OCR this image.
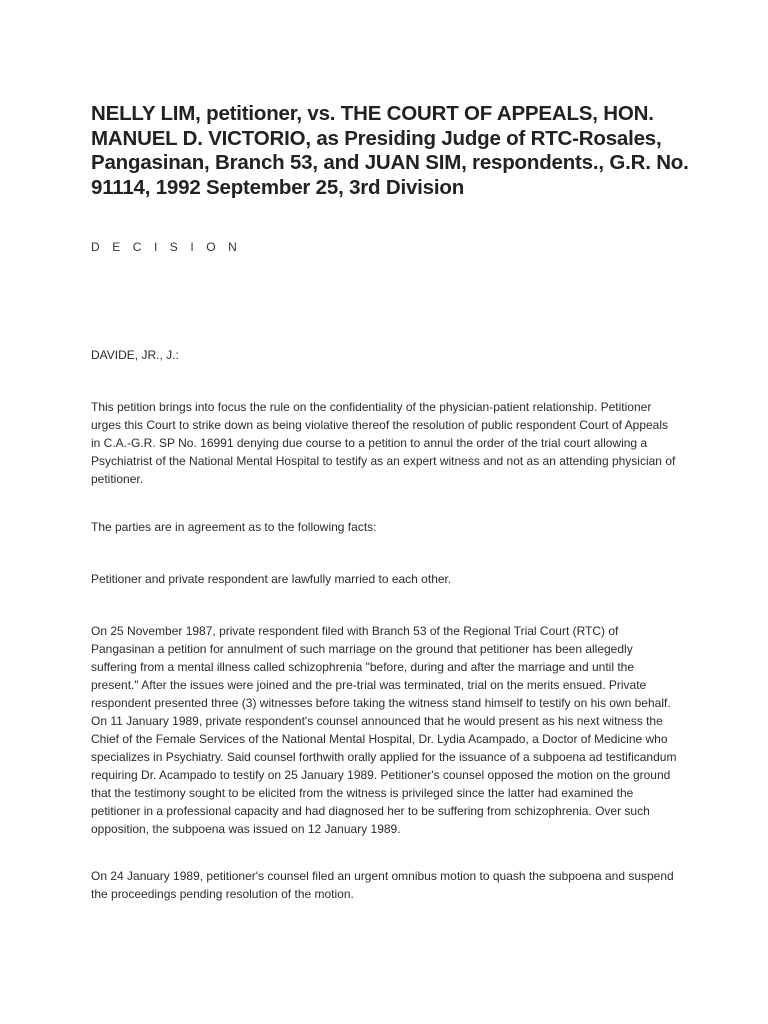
NELLY LIM, petitioner, vs. THE COURT OF APPEALS, HON. MANUEL D. VICTORIO, as Presiding Judge of RTC-Rosales, Pangasinan, Branch 53, and JUAN SIM, respondents., G.R. No. 91114, 1992 September 25, 3rd Division

D E C I S I O N

DAVIDE, JR., J.:

This petition brings into focus the rule on the confidentiality of the physician-patient relationship. Petitioner urges this Court to strike down as being violative thereof the resolution of public respondent Court of Appeals in C.A.-G.R. SP No. 16991 denying due course to a petition to annul the order of the trial court allowing a Psychiatrist of the National Mental Hospital to testify as an expert witness and not as an attending physician of petitioner.

The parties are in agreement as to the following facts:

Petitioner and private respondent are lawfully married to each other.

On 25 November 1987, private respondent filed with Branch 53 of the Regional Trial Court (RTC) of Pangasinan a petition for annulment of such marriage on the ground that petitioner has been allegedly suffering from a mental illness called schizophrenia "before, during and after the marriage and until the present." After the issues were joined and the pre-trial was terminated, trial on the merits ensued. Private respondent presented three (3) witnesses before taking the witness stand himself to testify on his own behalf. On 11 January 1989, private respondent's counsel announced that he would present as his next witness the Chief of the Female Services of the National Mental Hospital, Dr. Lydia Acampado, a Doctor of Medicine who specializes in Psychiatry. Said counsel forthwith orally applied for the issuance of a subpoena ad testificandum requiring Dr. Acampado to testify on 25 January 1989. Petitioner's counsel opposed the motion on the ground that the testimony sought to be elicited from the witness is privileged since the latter had examined the petitioner in a professional capacity and had diagnosed her to be suffering from schizophrenia. Over such opposition, the subpoena was issued on 12 January 1989.

On 24 January 1989, petitioner's counsel filed an urgent omnibus motion to quash the subpoena and suspend the proceedings pending resolution of the motion.
